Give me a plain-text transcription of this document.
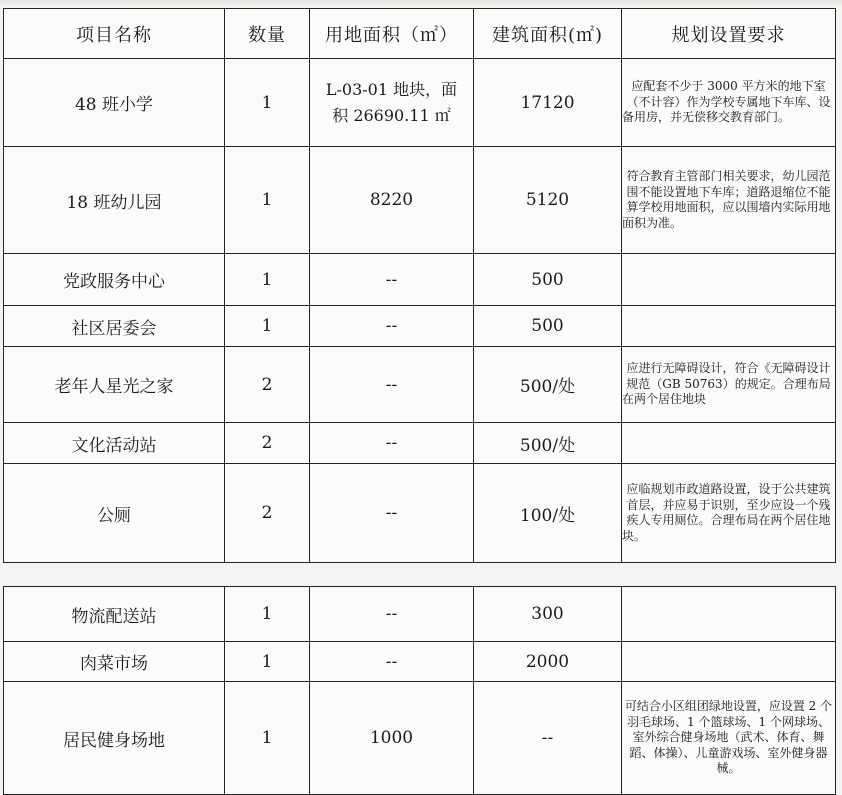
项目名称	数量	用地面积（㎡）	建筑面积(㎡)	规划设置要求
48 班小学	1	L-03-01 地块，面积 26690.11 ㎡	17120	应配套不少于 3000 平方米的地下室（不计容）作为学校专属地下车库、设备用房，并无偿移交教育部门。
18 班幼儿园	1	8220	5120	符合教育主管部门相关要求，幼儿园范围不能设置地下车库；道路退缩位不能算学校用地面积，应以围墙内实际用地面积为准。
党政服务中心	1	--	500	
社区居委会	1	--	500	
老年人星光之家	2	--	500/处	应进行无障碍设计，符合《无障碍设计规范（GB 50763）的规定。合理布局在两个居住地块
文化活动站	2	--	500/处	
公厕	2	--	100/处	应临规划市政道路设置，设于公共建筑首层，并应易于识别，至少应设一个残疾人专用厕位。合理布局在两个居住地块。
物流配送站	1	--	300	
肉菜市场	1	--	2000	
居民健身场地	1	1000	--	可结合小区组团绿地设置，应设置 2 个羽毛球场、1 个篮球场、1 个网球场、室外综合健身场地（武术、体育、舞蹈、体操）、儿童游戏场、室外健身器械。
